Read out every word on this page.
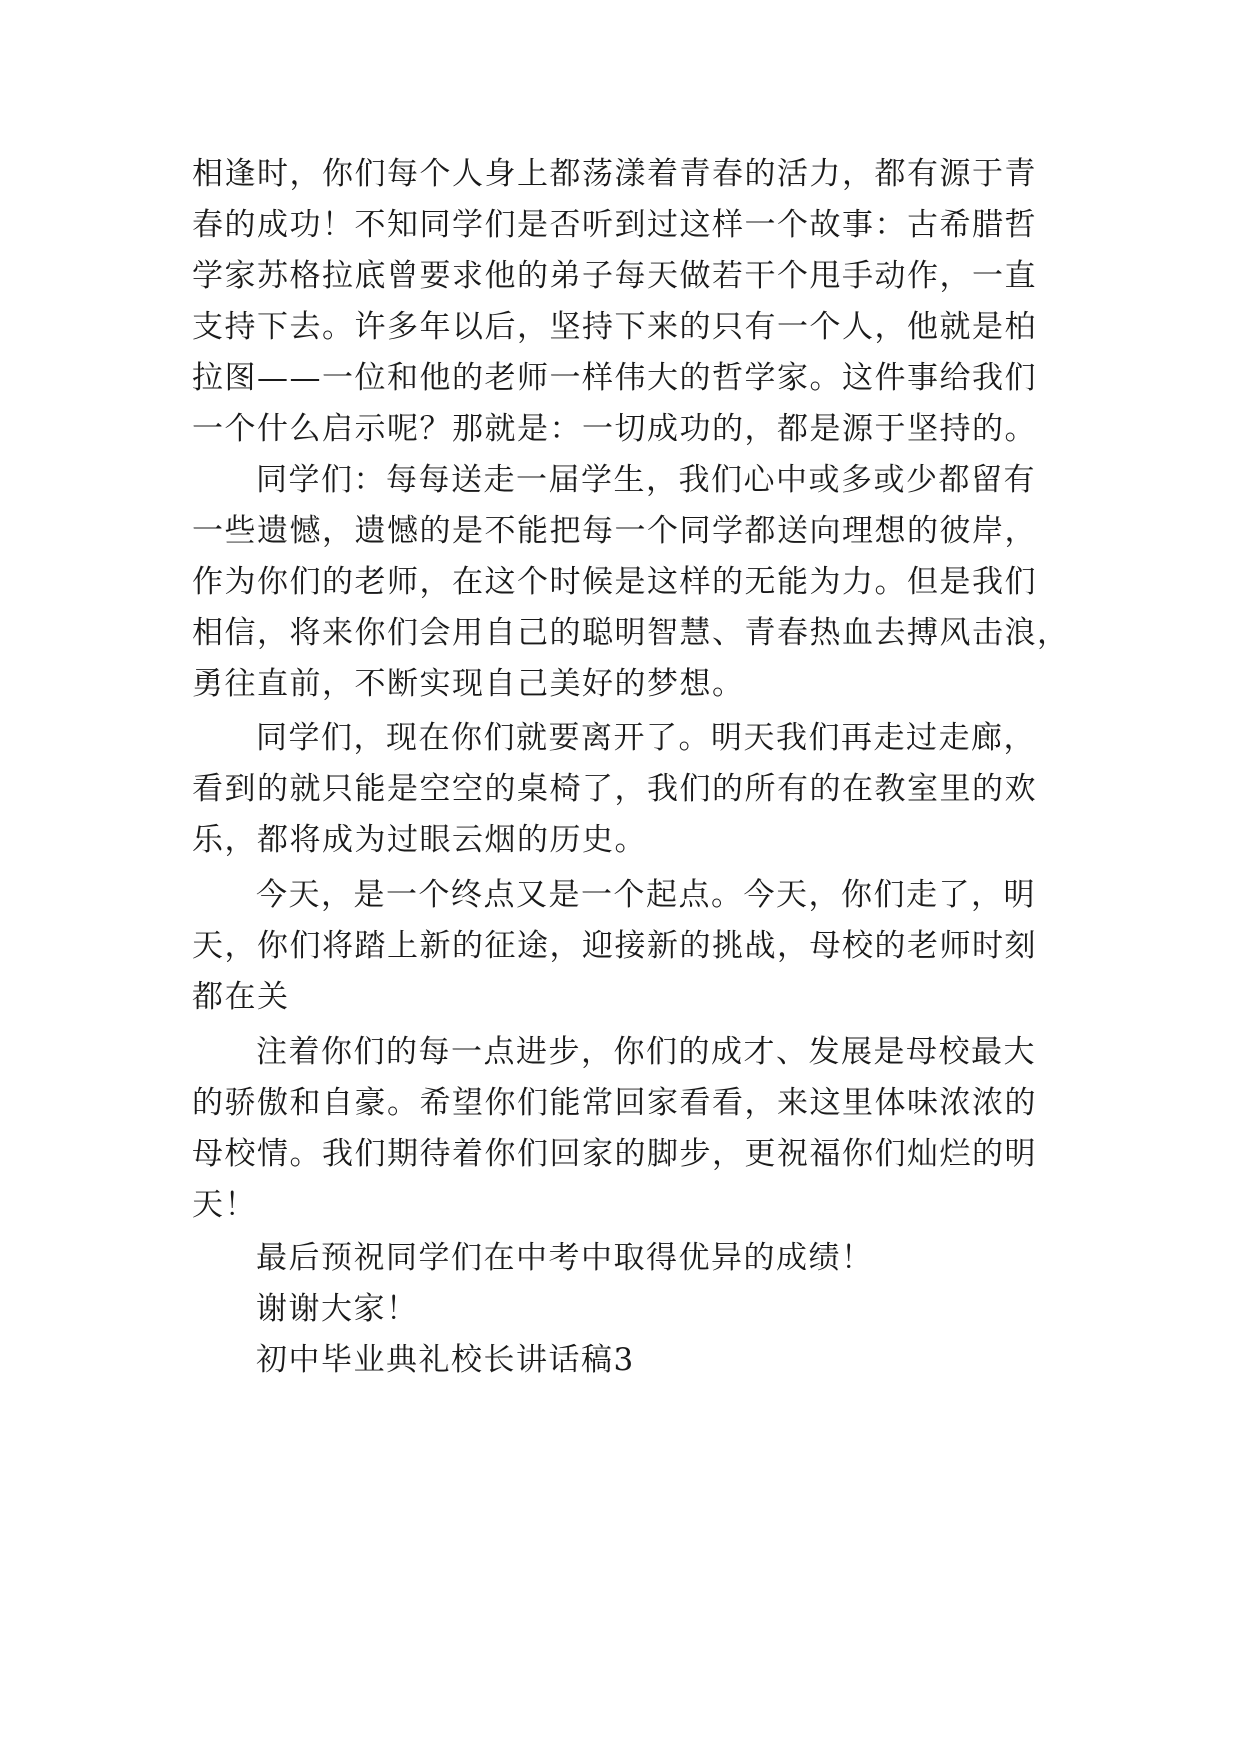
相逢时，你们每个人身上都荡漾着青春的活力，都有源于青
春的成功！不知同学们是否听到过这样一个故事：古希腊哲
学家苏格拉底曾要求他的弟子每天做若干个甩手动作，一直
支持下去。许多年以后，坚持下来的只有一个人，他就是柏
拉图——一位和他的老师一样伟大的哲学家。这件事给我们
一个什么启示呢？那就是：一切成功的，都是源于坚持的。
同学们：每每送走一届学生，我们心中或多或少都留有
一些遗憾，遗憾的是不能把每一个同学都送向理想的彼岸，
作为你们的老师，在这个时候是这样的无能为力。但是我们
相信，将来你们会用自己的聪明智慧、青春热血去搏风击浪，
勇往直前，不断实现自己美好的梦想。
同学们，现在你们就要离开了。明天我们再走过走廊，
看到的就只能是空空的桌椅了，我们的所有的在教室里的欢
乐，都将成为过眼云烟的历史。
今天，是一个终点又是一个起点。今天，你们走了，明
天，你们将踏上新的征途，迎接新的挑战，母校的老师时刻
都在关
注着你们的每一点进步，你们的成才、发展是母校最大
的骄傲和自豪。希望你们能常回家看看，来这里体味浓浓的
母校情。我们期待着你们回家的脚步，更祝福你们灿烂的明
天！
最后预祝同学们在中考中取得优异的成绩！
谢谢大家！
初中毕业典礼校长讲话稿3
